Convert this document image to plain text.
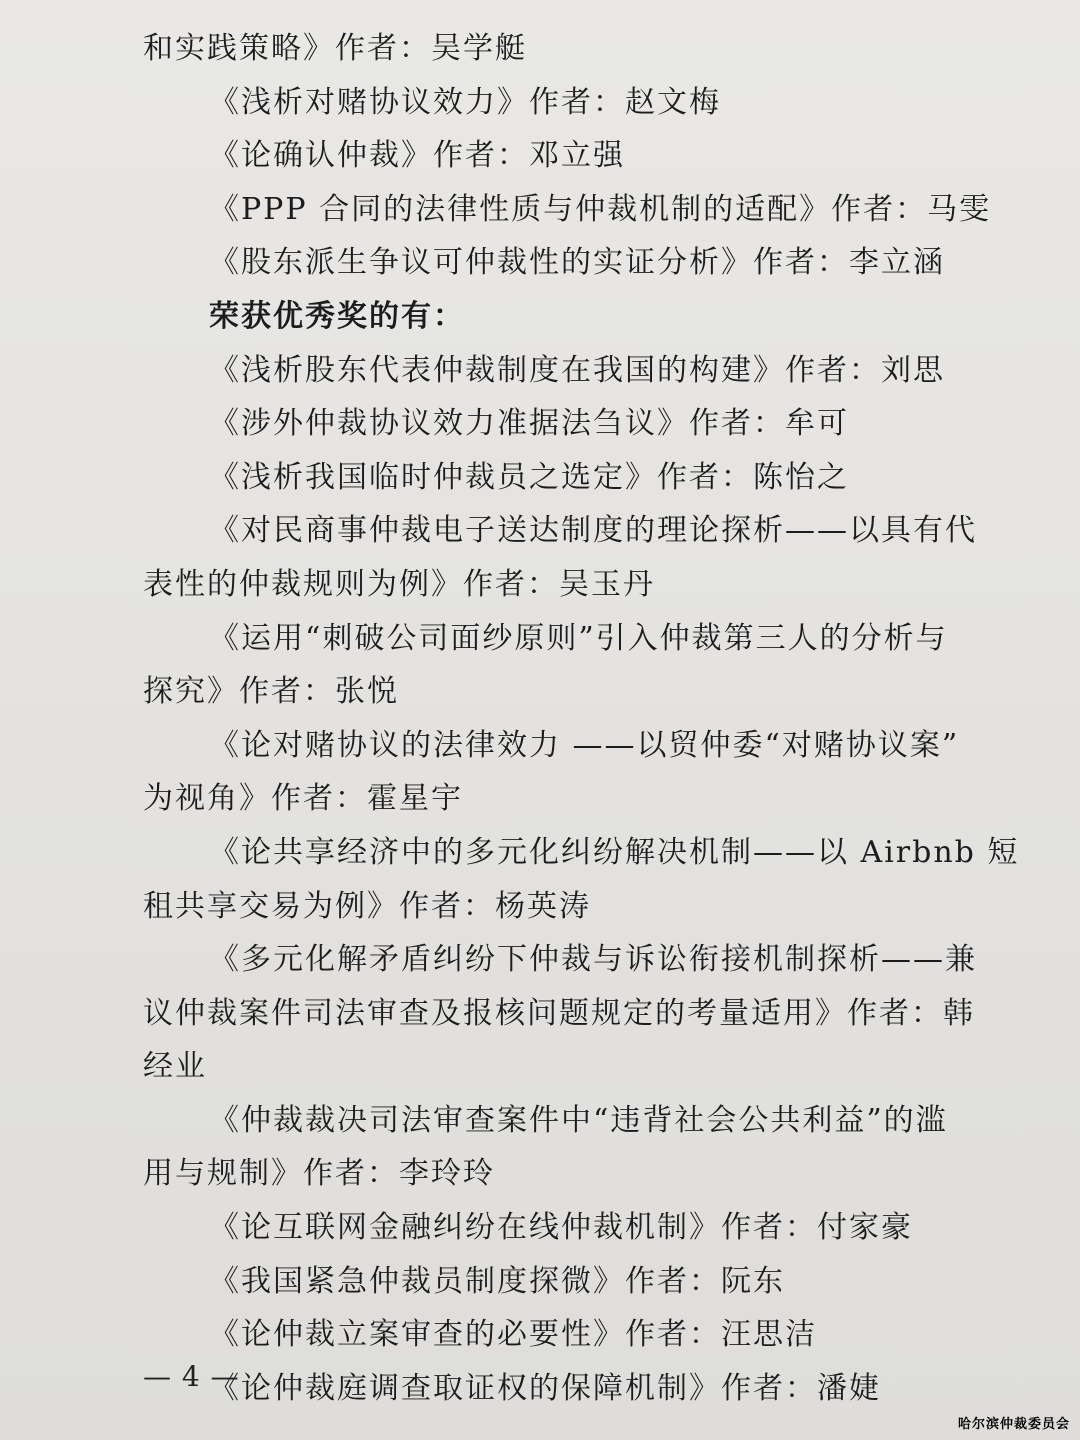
和实践策略》作者：吴学艇
《浅析对赌协议效力》作者：赵文梅
《论确认仲裁》作者：邓立强
《PPP 合同的法律性质与仲裁机制的适配》作者：马雯
《股东派生争议可仲裁性的实证分析》作者：李立涵
荣获优秀奖的有：
《浅析股东代表仲裁制度在我国的构建》作者：刘思
《涉外仲裁协议效力准据法刍议》作者：牟可
《浅析我国临时仲裁员之选定》作者：陈怡之
《对民商事仲裁电子送达制度的理论探析——以具有代
表性的仲裁规则为例》作者：吴玉丹
《运用“刺破公司面纱原则”引入仲裁第三人的分析与
探究》作者：张悦
《论对赌协议的法律效力 ——以贸仲委“对赌协议案”
为视角》作者：霍星宇
《论共享经济中的多元化纠纷解决机制——以 Airbnb 短
租共享交易为例》作者：杨英涛
《多元化解矛盾纠纷下仲裁与诉讼衔接机制探析——兼
议仲裁案件司法审查及报核问题规定的考量适用》作者：韩
经业
《仲裁裁决司法审查案件中“违背社会公共利益”的滥
用与规制》作者：李玲玲
《论互联网金融纠纷在线仲裁机制》作者：付家豪
《我国紧急仲裁员制度探微》作者：阮东
《论仲裁立案审查的必要性》作者：汪思洁
《论仲裁庭调查取证权的保障机制》作者：潘婕
— 4 —
哈尔滨仲裁委员会
